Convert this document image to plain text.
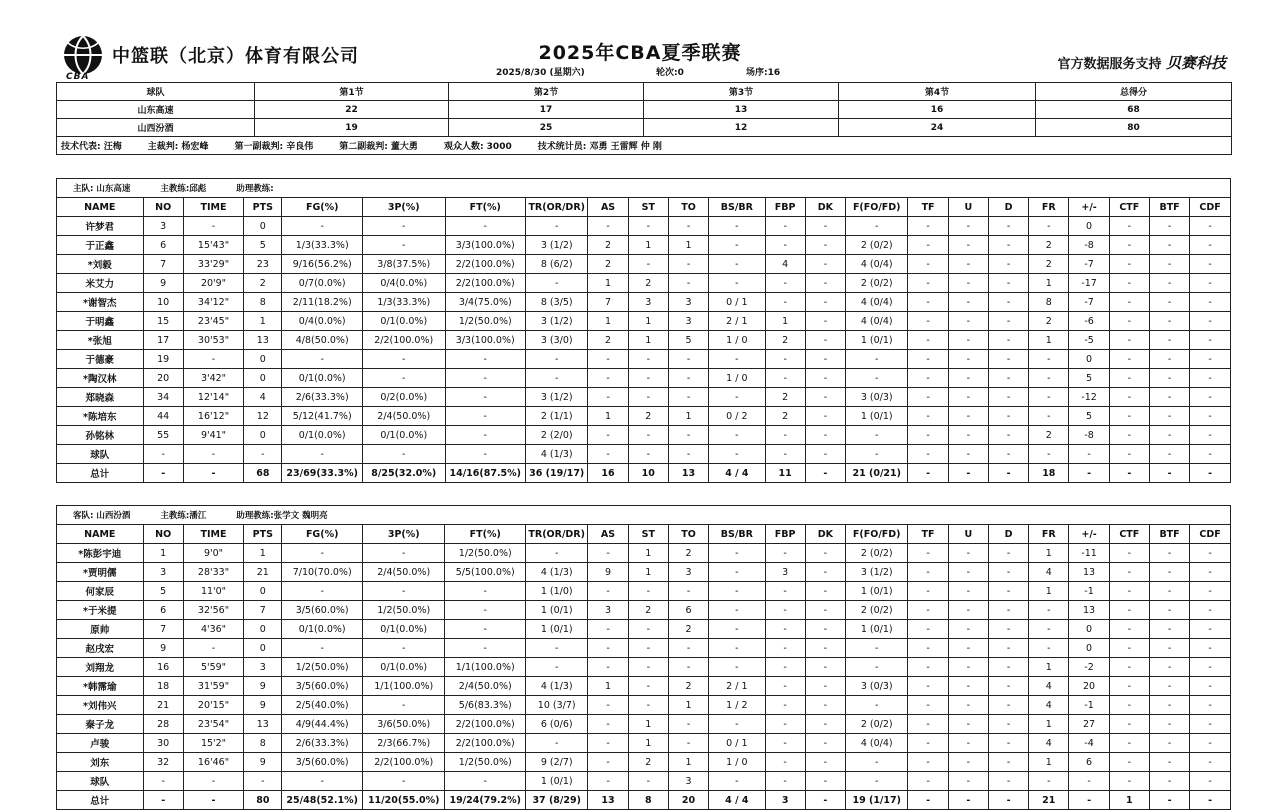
CBA
中篮联（北京）体育有限公司	2025年CBA夏季联赛
2025/8/30 (星期六)	轮次:0	场序:16
官方数据服务支持 贝赛科技
球队	第1节	第2节	第3节	第4节	总得分
山东高速	22	17	13	16	68
山西汾酒	19	25	12	24	80
技术代表: 汪梅 主裁判: 杨宏峰 第一副裁判: 辛良伟 第二副裁判: 董大勇 观众人数: 3000 技术统计员: 邓勇 王雷辉 仲 刚					
主队: 山东高速 主教练:邱彪 助理教练:																						
NAME	NO	TIME	PTS	FG(%)	3P(%)	FT(%)	TR(OR/DR)	AS	ST	TO	BS/BR	FBP	DK	F(FO/FD)	TF	U	D	FR	+/-	CTF	BTF	CDF
许梦君	3	-	0	-	-	-	-	-	-	-	-	-	-	-	-	-	-	-	0	-	-	-
于正鑫	6	15'43"	5	1/3(33.3%)	-	3/3(100.0%)	3 (1/2)	2	1	1	-	-	-	2 (0/2)	-	-	-	2	-8	-	-	-
*刘毅	7	33'29"	23	9/16(56.2%)	3/8(37.5%)	2/2(100.0%)	8 (6/2)	2	-	-	-	4	-	4 (0/4)	-	-	-	2	-7	-	-	-
米艾力	9	20'9"	2	0/7(0.0%)	0/4(0.0%)	2/2(100.0%)	-	1	2	-	-	-	-	2 (0/2)	-	-	-	1	-17	-	-	-
*谢智杰	10	34'12"	8	2/11(18.2%)	1/3(33.3%)	3/4(75.0%)	8 (3/5)	7	3	3	0 / 1	-	-	4 (0/4)	-	-	-	8	-7	-	-	-
于明鑫	15	23'45"	1	0/4(0.0%)	0/1(0.0%)	1/2(50.0%)	3 (1/2)	1	1	3	2 / 1	1	-	4 (0/4)	-	-	-	2	-6	-	-	-
*张旭	17	30'53"	13	4/8(50.0%)	2/2(100.0%)	3/3(100.0%)	3 (3/0)	2	1	5	1 / 0	2	-	1 (0/1)	-	-	-	1	-5	-	-	-
于德豪	19	-	0	-	-	-	-	-	-	-	-	-	-	-	-	-	-	-	0	-	-	-
*陶汉林	20	3'42"	0	0/1(0.0%)	-	-	-	-	-	-	1 / 0	-	-	-	-	-	-	-	5	-	-	-
郑晓森	34	12'14"	4	2/6(33.3%)	0/2(0.0%)	-	3 (1/2)	-	-	-	-	2	-	3 (0/3)	-	-	-	-	-12	-	-	-
*陈培东	44	16'12"	12	5/12(41.7%)	2/4(50.0%)	-	2 (1/1)	1	2	1	0 / 2	2	-	1 (0/1)	-	-	-	-	5	-	-	-
孙铭林	55	9'41"	0	0/1(0.0%)	0/1(0.0%)	-	2 (2/0)	-	-	-	-	-	-	-	-	-	-	2	-8	-	-	-
球队	-	-	-	-	-	-	4 (1/3)	-	-	-	-	-	-	-	-	-	-	-	-	-	-	-
总计	-	-	68	23/69(33.3%)	8/25(32.0%)	14/16(87.5%)	36 (19/17)	16	10	13	4 / 4	11	-	21 (0/21)	-	-	-	18	-	-	-	-
客队: 山西汾酒 主教练:潘江 助理教练:张学文 魏明亮																						
NAME	NO	TIME	PTS	FG(%)	3P(%)	FT(%)	TR(OR/DR)	AS	ST	TO	BS/BR	FBP	DK	F(FO/FD)	TF	U	D	FR	+/-	CTF	BTF	CDF
*陈彭宇迪	1	9'0"	1	-	-	1/2(50.0%)	-	-	1	2	-	-	-	2 (0/2)	-	-	-	1	-11	-	-	-
*贾明儒	3	28'33"	21	7/10(70.0%)	2/4(50.0%)	5/5(100.0%)	4 (1/3)	9	1	3	-	3	-	3 (1/2)	-	-	-	4	13	-	-	-
何家辰	5	11'0"	0	-	-	-	1 (1/0)	-	-	-	-	-	-	1 (0/1)	-	-	-	1	-1	-	-	-
*于米提	6	32'56"	7	3/5(60.0%)	1/2(50.0%)	-	1 (0/1)	3	2	6	-	-	-	2 (0/2)	-	-	-	-	13	-	-	-
原帅	7	4'36"	0	0/1(0.0%)	0/1(0.0%)	-	1 (0/1)	-	-	2	-	-	-	1 (0/1)	-	-	-	-	0	-	-	-
赵戌宏	9	-	0	-	-	-	-	-	-	-	-	-	-	-	-	-	-	-	0	-	-	-
刘翔龙	16	5'59"	3	1/2(50.0%)	0/1(0.0%)	1/1(100.0%)	-	-	-	-	-	-	-	-	-	-	-	1	-2	-	-	-
*韩霈瑜	18	31'59"	9	3/5(60.0%)	1/1(100.0%)	2/4(50.0%)	4 (1/3)	1	-	2	2 / 1	-	-	3 (0/3)	-	-	-	4	20	-	-	-
*刘伟兴	21	20'15"	9	2/5(40.0%)	-	5/6(83.3%)	10 (3/7)	-	-	1	1 / 2	-	-	-	-	-	-	4	-1	-	-	-
秦子龙	28	23'54"	13	4/9(44.4%)	3/6(50.0%)	2/2(100.0%)	6 (0/6)	-	1	-	-	-	-	2 (0/2)	-	-	-	1	27	-	-	-
卢骏	30	15'2"	8	2/6(33.3%)	2/3(66.7%)	2/2(100.0%)	-	-	1	-	0 / 1	-	-	4 (0/4)	-	-	-	4	-4	-	-	-
刘东	32	16'46"	9	3/5(60.0%)	2/2(100.0%)	1/2(50.0%)	9 (2/7)	-	2	1	1 / 0	-	-	-	-	-	-	1	6	-	-	-
球队	-	-	-	-	-	-	1 (0/1)	-	-	3	-	-	-	-	-	-	-	-	-	-	-	-
总计	-	-	80	25/48(52.1%)	11/20(55.0%)	19/24(79.2%)	37 (8/29)	13	8	20	4 / 4	3	-	19 (1/17)	-	-	-	21	-	1	-	-
